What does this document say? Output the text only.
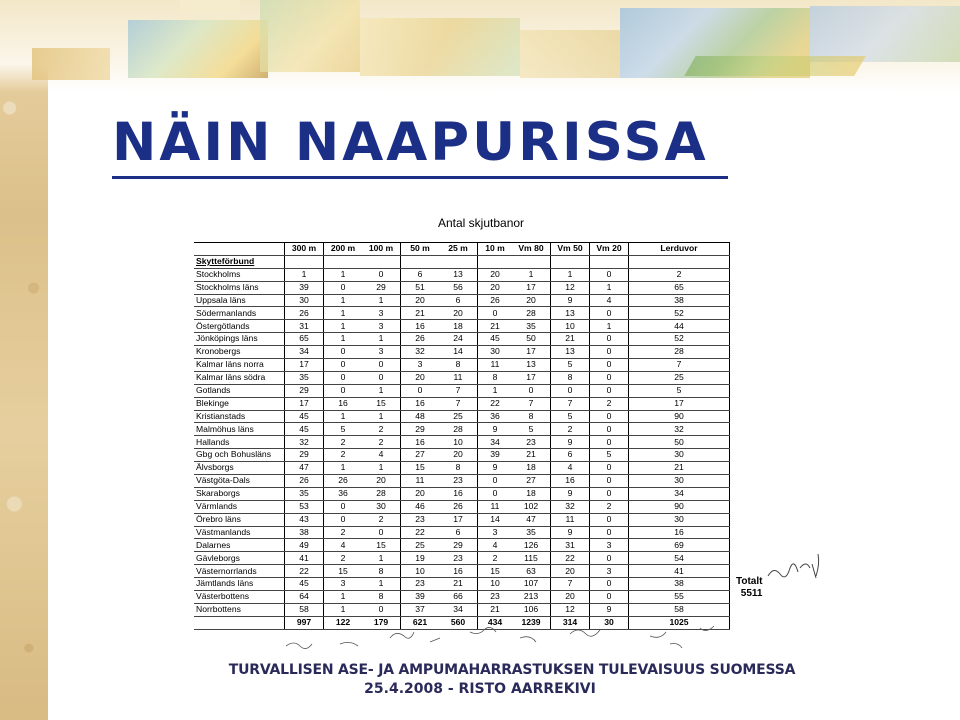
NÄIN NAAPURISSA
Antal skjutbanor
	300 m	200 m	100 m	50 m	25 m	10 m	Vm 80	Vm 50	Vm 20	Lerduvor
Skytteförbund										
Stockholms	1	1	0	6	13	20	1	1	0	2
Stockholms läns	39	0	29	51	56	20	17	12	1	65
Uppsala läns	30	1	1	20	6	26	20	9	4	38
Södermanlands	26	1	3	21	20	0	28	13	0	52
Östergötlands	31	1	3	16	18	21	35	10	1	44
Jönköpings läns	65	1	1	26	24	45	50	21	0	52
Kronobergs	34	0	3	32	14	30	17	13	0	28
Kalmar läns norra	17	0	0	3	8	11	13	5	0	7
Kalmar läns södra	35	0	0	20	11	8	17	8	0	25
Gotlands	29	0	1	0	7	1	0	0	0	5
Blekinge	17	16	15	16	7	22	7	7	2	17
Kristianstads	45	1	1	48	25	36	8	5	0	90
Malmöhus läns	45	5	2	29	28	9	5	2	0	32
Hallands	32	2	2	16	10	34	23	9	0	50
Gbg och Bohusläns	29	2	4	27	20	39	21	6	5	30
Älvsborgs	47	1	1	15	8	9	18	4	0	21
Västgöta-Dals	26	26	20	11	23	0	27	16	0	30
Skaraborgs	35	36	28	20	16	0	18	9	0	34
Värmlands	53	0	30	46	26	11	102	32	2	90
Örebro läns	43	0	2	23	17	14	47	11	0	30
Västmanlands	38	2	0	22	6	3	35	9	0	16
Dalarnes	49	4	15	25	29	4	126	31	3	69
Gävleborgs	41	2	1	19	23	2	115	22	0	54
Västernorrlands	22	15	8	10	16	15	63	20	3	41
Jämtlands läns	45	3	1	23	21	10	107	7	0	38
Västerbottens	64	1	8	39	66	23	213	20	0	55
Norrbottens	58	1	0	37	34	21	106	12	9	58
	997	122	179	621	560	434	1239	314	30	1025
Totalt
5511
TURVALLISEN ASE- JA AMPUMAHARRASTUKSEN TULEVAISUUS SUOMESSA
25.4.2008 - RISTO AARREKIVI
